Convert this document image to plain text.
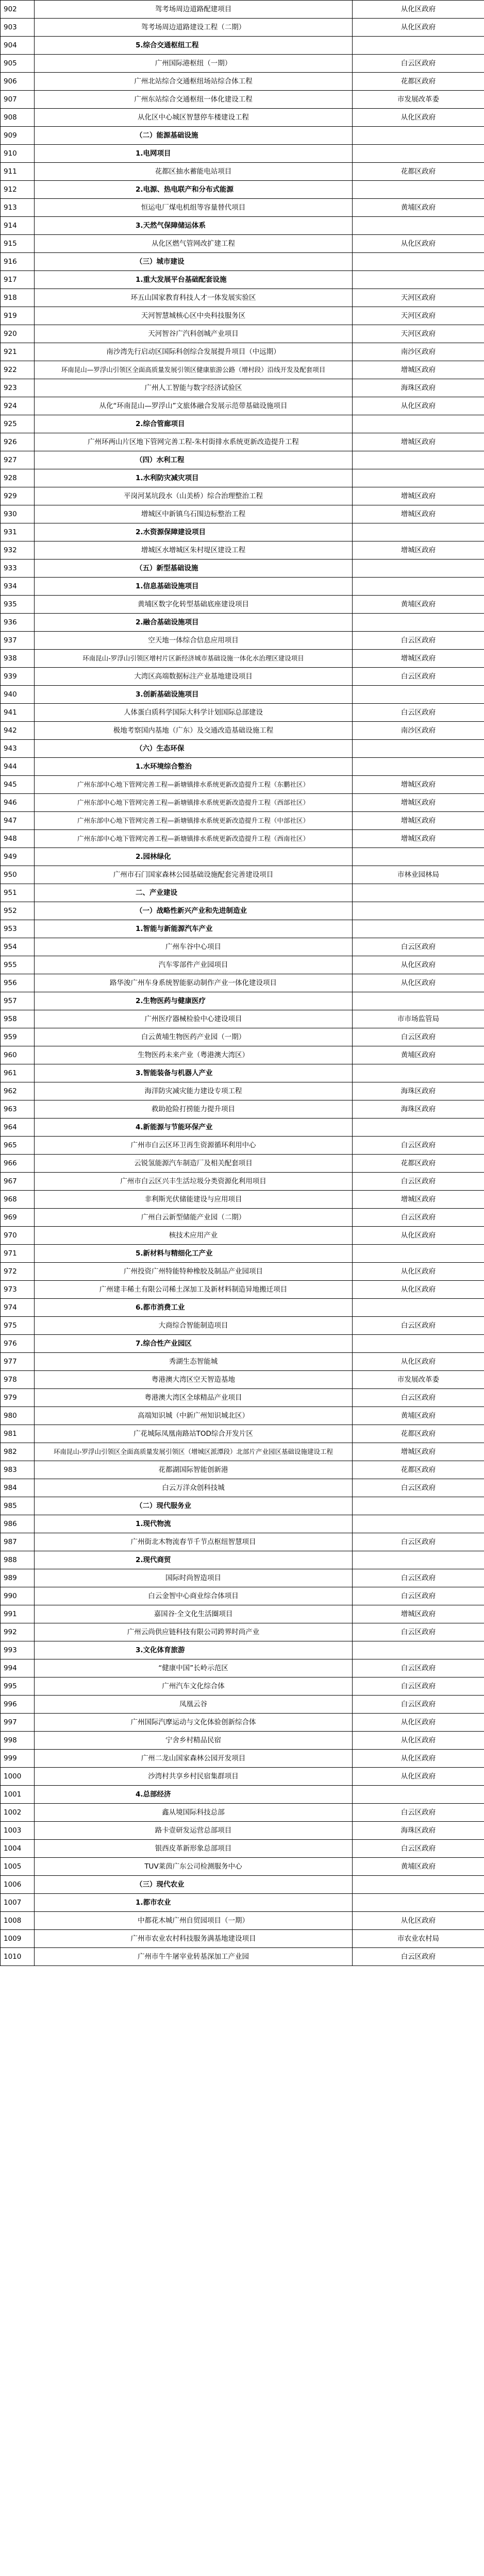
902	驾考场周边道路配建项目	从化区政府
903	驾考场周边道路建设工程（二期）	从化区政府
904	5.综合交通枢纽工程	
905	广州国际港枢纽（一期）	白云区政府
906	广州北站综合交通枢纽场站综合体工程	花都区政府
907	广州东站综合交通枢纽一体化建设工程	市发展改革委
908	从化区中心城区智慧停车楼建设工程	从化区政府
909	（二）能源基础设施	
910	1.电网项目	
911	花都区抽水蓄能电站项目	花都区政府
912	2.电源、热电联产和分布式能源	
913	恒运电厂煤电机组等容量替代项目	黄埔区政府
914	3.天然气保障储运体系	
915	从化区燃气管网改扩建工程	从化区政府
916	（三）城市建设	
917	1.重大发展平台基础配套设施	
918	环五山国家教育科技人才一体发展实验区	天河区政府
919	天河智慧城核心区中央科技服务区	天河区政府
920	天河智谷广汽科创城产业项目	天河区政府
921	南沙湾先行启动区国际科创综合发展提升项目（中远期）	南沙区政府
922	环南昆山—罗浮山引领区全面高质量发展引领区健康旅游公路（增村段）沿线开发及配套项目	增城区政府
923	广州人工智能与数字经济试验区	海珠区政府
924	从化“环南昆山—罗浮山”文旅体融合发展示范带基础设施项目	从化区政府
925	2.综合管廊项目	
926	广州环两山片区地下管网完善工程-朱村街排水系统更新改造提升工程	增城区政府
927	（四）水利工程	
928	1.水利防灾减灾项目	
929	平岗河某坑段水（山美桥）综合治理整治工程	增城区政府
930	增城区中新镇乌石围边标整治工程	增城区政府
931	2.水资源保障建设项目	
932	增城区水增城区朱村堤区建设工程	增城区政府
933	（五）新型基础设施	
934	1.信息基础设施项目	
935	黄埔区数字化转型基础底座建设项目	黄埔区政府
936	2.融合基础设施项目	
937	空天地一体综合信息应用项目	白云区政府
938	环南昆山-罗浮山引领区增村片区新经济城市基础设施一体化水治理区建设项目	增城区政府
939	大湾区高端数据标注产业基地建设项目	白云区政府
940	3.创新基础设施项目	
941	人体蛋白质科学国际大科学计划国际总部建设	白云区政府
942	极地考察国内基地（广东）及交通改造基础设施工程	南沙区政府
943	（六）生态环保	
944	1.水环境综合整治	
945	广州东部中心地下管网完善工程—新塘镇排水系统更新改造提升工程（东鹏社区）	增城区政府
946	广州东部中心地下管网完善工程—新塘镇排水系统更新改造提升工程（西部社区）	增城区政府
947	广州东部中心地下管网完善工程—新塘镇排水系统更新改造提升工程（中部社区）	增城区政府
948	广州东部中心地下管网完善工程—新塘镇排水系统更新改造提升工程（西南社区）	增城区政府
949	2.园林绿化	
950	广州市石门国家森林公园基础设施配套完善建设项目	市林业园林局
951	二、产业建设	
952	（一）战略性新兴产业和先进制造业	
953	1.智能与新能源汽车产业	
954	广州车谷中心项目	白云区政府
955	汽车零部件产业园项目	从化区政府
956	路华浚广州车身系统智能驱动制作产业一体化建设项目	从化区政府
957	2.生物医药与健康医疗	
958	广州医疗器械检验中心建设项目	市市场监管局
959	白云黄埔生物医药产业园（一期）	白云区政府
960	生物医药未来产业（粤港澳大湾区）	黄埔区政府
961	3.智能装备与机器人产业	
962	海洋防灾减灾能力建设专项工程	海珠区政府
963	救助抢险打捞能力提升项目	海珠区政府
964	4.新能源与节能环保产业	
965	广州市白云区环卫再生资源循环利用中心	白云区政府
966	云锐氢能源汽车制造厂及相关配套项目	花都区政府
967	广州市白云区兴丰生活垃圾分类资源化利用项目	白云区政府
968	非利斯光伏储能建设与应用项目	增城区政府
969	广州白云新型储能产业园（二期）	白云区政府
970	核技术应用产业	从化区政府
971	5.新材料与精细化工产业	
972	广州投资广州特能特种橡胶及制品产业园项目	从化区政府
973	广州建丰稀土有限公司稀土深加工及新材料制造异地搬迁项目	从化区政府
974	6.都市消费工业	
975	大商综合智能制造项目	白云区政府
976	7.综合性产业园区	
977	秀湖生态智能城	从化区政府
978	粤港澳大湾区空天智造基地	市发展改革委
979	粤港澳大湾区全球精品产业项目	白云区政府
980	高端知识城（中新广州知识城北区）	黄埔区政府
981	广花城际凤凰南路站TOD综合开发片区	花都区政府
982	环南昆山-罗浮山引领区全面高质量发展引领区（增城区派潭段）北部片产业园区基础设施建设工程	增城区政府
983	花都湖国际智能创新港	花都区政府
984	白云万洋众创科技城	白云区政府
985	（二）现代服务业	
986	1.现代物流	
987	广州街北木物流春节千节点枢纽智慧项目	白云区政府
988	2.现代商贸	
989	国际时尚智造项目	白云区政府
990	白云金智中心商业综合体项目	白云区政府
991	嘉国谷·全文化生活圈项目	增城区政府
992	广州云尚供应链科技有限公司跨界时尚产业	白云区政府
993	3.文化体育旅游	
994	“健康中国”长岭示范区	白云区政府
995	广州汽车文化综合体	白云区政府
996	凤凰云谷	白云区政府
997	广州国际汽摩运动与文化体验创新综合体	从化区政府
998	宁舍乡村精品民宿	从化区政府
999	广州二龙山国家森林公园开发项目	从化区政府
1000	沙湾村共享乡村民宿集群项目	从化区政府
1001	4.总部经济	
1002	鑫从境国际科技总部	白云区政府
1003	路卡壹研发运营总部项目	海珠区政府
1004	银西皮革新形象总部项目	白云区政府
1005	TUV莱茵广东公司检测服务中心	黄埔区政府
1006	（三）现代农业	
1007	1.都市农业	
1008	中都花木城广州自贸园项目（一期）	从化区政府
1009	广州市农业农村科技服务满基地建设项目	市农业农村局
1010	广州市牛牛屠宰业转基深加工产业园	白云区政府
